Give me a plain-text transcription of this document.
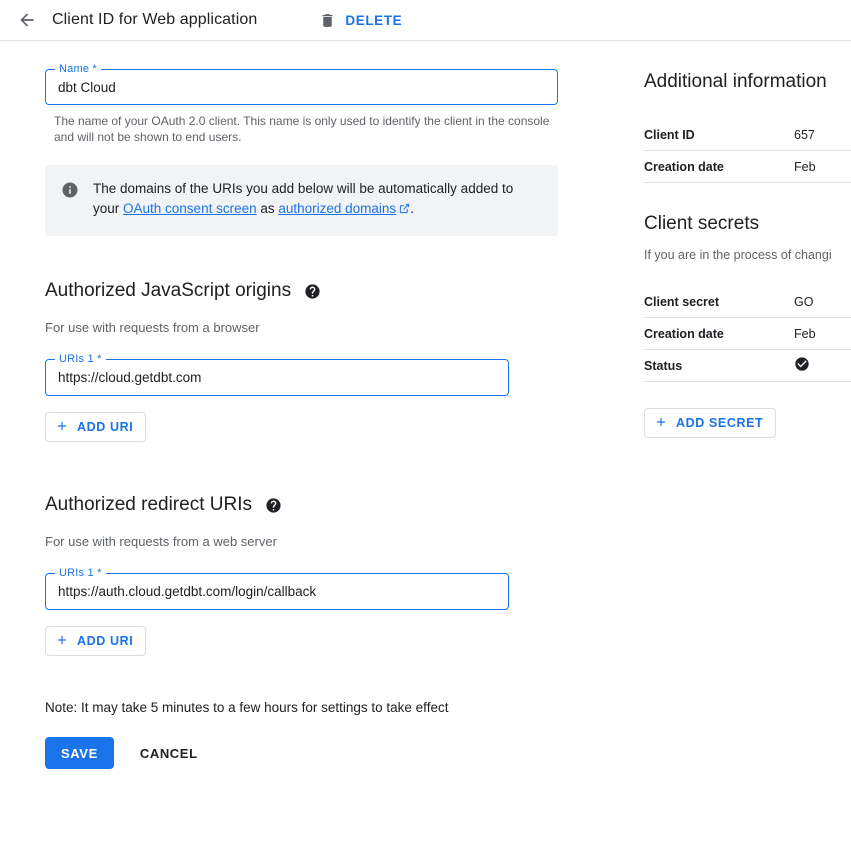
Client ID for Web application	DELETE
Name *
dbt Cloud
The name of your OAuth 2.0 client. This name is only used to identify the client in the console and will not be shown to end users.
The domains of the URIs you add below will be automatically added to your OAuth consent screen as authorized domains .
Authorized JavaScript origins
For use with requests from a browser
URIs 1 *
https://cloud.getdbt.com
ADD URI
Authorized redirect URIs
For use with requests from a web server
URIs 1 *
https://auth.cloud.getdbt.com/login/callback
ADD URI
Note: It may take 5 minutes to a few hours for settings to take effect
SAVE	CANCEL
Additional information
Client ID	657
Creation date	Feb
Client secrets
If you are in the process of changi
Client secret	GO
Creation date	Feb
Status
ADD SECRET
